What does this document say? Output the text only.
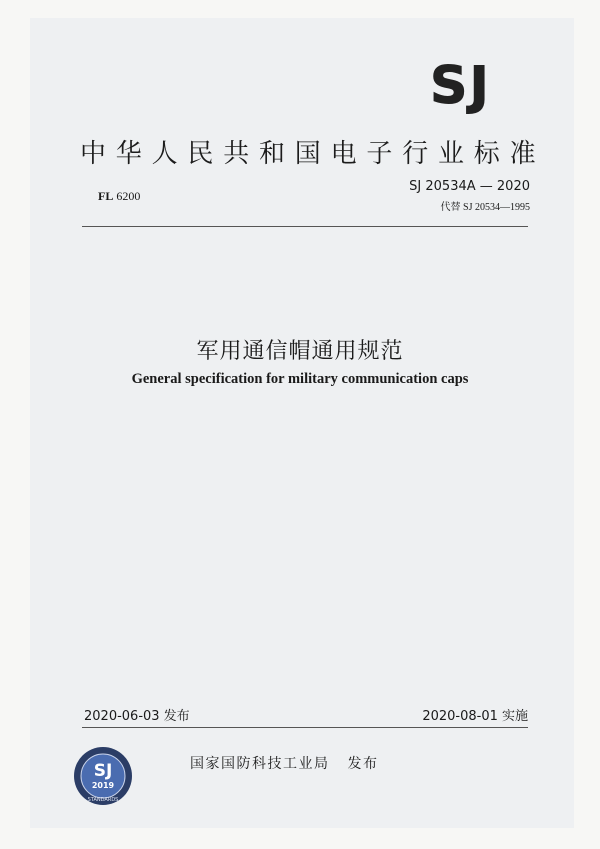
SJ
中华人民共和国电子行业标准
FL 6200
SJ 20534A — 2020
代替 SJ 20534—1995
军用通信帽通用规范
General specification for military communication caps
2020-06-03 发布	2020-08-01 实施
SJ
2019
STANDARDS
国家国防科技工业局 发布
